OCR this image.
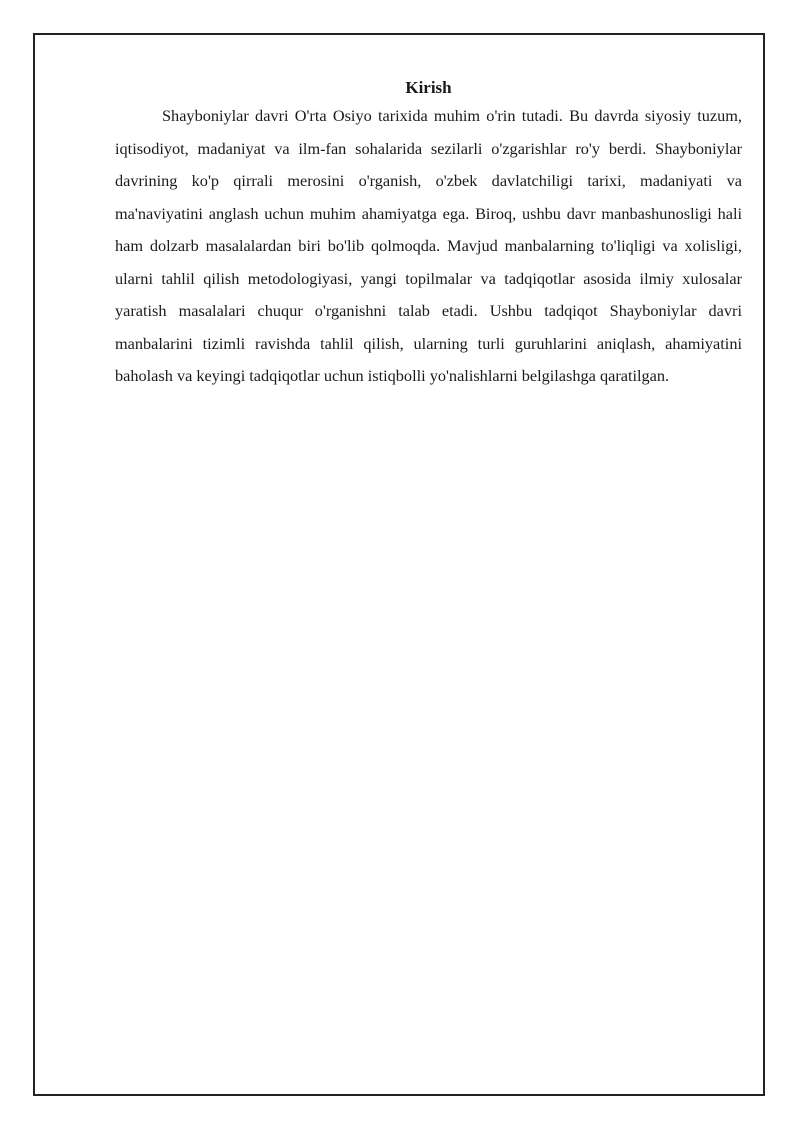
Kirish

Shayboniylar davri O'rta Osiyo tarixida muhim o'rin tutadi. Bu davrda siyosiy tuzum, iqtisodiyot, madaniyat va ilm-fan sohalarida sezilarli o'zgarishlar ro'y berdi. Shayboniylar davrining ko'p qirrali merosini o'rganish, o'zbek davlatchiligi tarixi, madaniyati va ma'naviyatini anglash uchun muhim ahamiyatga ega. Biroq, ushbu davr manbashunosligi hali ham dolzarb masalalardan biri bo'lib qolmoqda. Mavjud manbalarning to'liqligi va xolisligi, ularni tahlil qilish metodologiyasi, yangi topilmalar va tadqiqotlar asosida ilmiy xulosalar yaratish masalalari chuqur o'rganishni talab etadi. Ushbu tadqiqot Shayboniylar davri manbalarini tizimli ravishda tahlil qilish, ularning turli guruhlarini aniqlash, ahamiyatini baholash va keyingi tadqiqotlar uchun istiqbolli yo'nalishlarni belgilashga qaratilgan.
